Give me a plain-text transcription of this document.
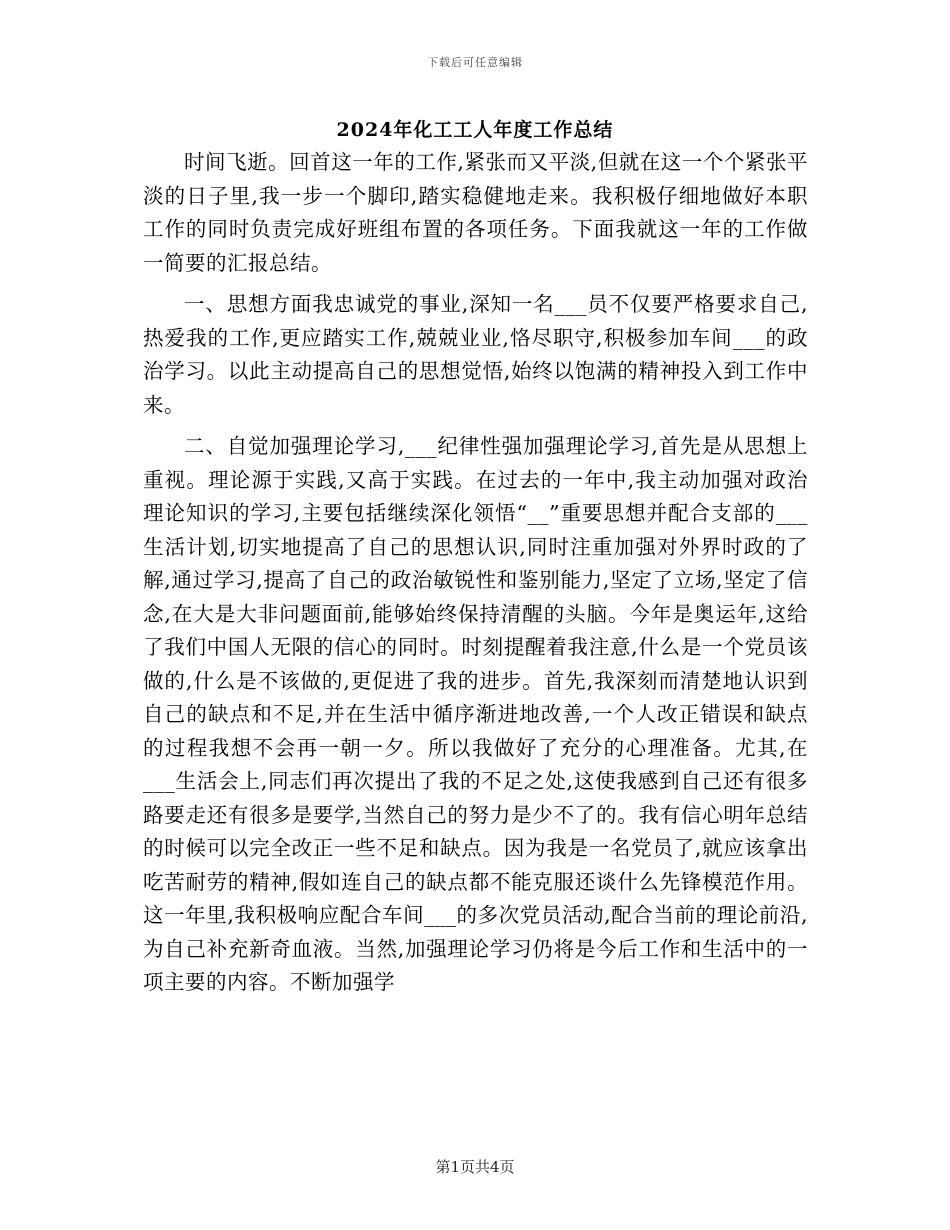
下载后可任意编辑
2024年化工工人年度工作总结

时间飞逝。回首这一年的工作,紧张而又平淡,但就在这一个个紧张平淡的日子里,我一步一个脚印,踏实稳健地走来。我积极仔细地做好本职工作的同时负责完成好班组布置的各项任务。下面我就这一年的工作做一简要的汇报总结。

一、思想方面我忠诚党的事业,深知一名___员不仅要严格要求自己,热爱我的工作,更应踏实工作,兢兢业业,恪尽职守,积极参加车间___的政治学习。以此主动提高自己的思想觉悟,始终以饱满的精神投入到工作中来。

二、自觉加强理论学习,___纪律性强加强理论学习,首先是从思想上重视。理论源于实践,又高于实践。在过去的一年中,我主动加强对政治理论知识的学习,主要包括继续深化领悟“__”重要思想并配合支部的___生活计划,切实地提高了自己的思想认识,同时注重加强对外界时政的了解,通过学习,提高了自己的政治敏锐性和鉴别能力,坚定了立场,坚定了信念,在大是大非问题面前,能够始终保持清醒的头脑。今年是奥运年,这给了我们中国人无限的信心的同时。时刻提醒着我注意,什么是一个党员该做的,什么是不该做的,更促进了我的进步。首先,我深刻而清楚地认识到自己的缺点和不足,并在生活中循序渐进地改善,一个人改正错误和缺点的过程我想不会再一朝一夕。所以我做好了充分的心理准备。尤其,在___生活会上,同志们再次提出了我的不足之处,这使我感到自己还有很多路要走还有很多是要学,当然自己的努力是少不了的。我有信心明年总结的时候可以完全改正一些不足和缺点。因为我是一名党员了,就应该拿出吃苦耐劳的精神,假如连自己的缺点都不能克服还谈什么先锋模范作用。这一年里,我积极响应配合车间___的多次党员活动,配合当前的理论前沿,为自己补充新奇血液。当然,加强理论学习仍将是今后工作和生活中的一项主要的内容。不断加强学

第1页共4页
